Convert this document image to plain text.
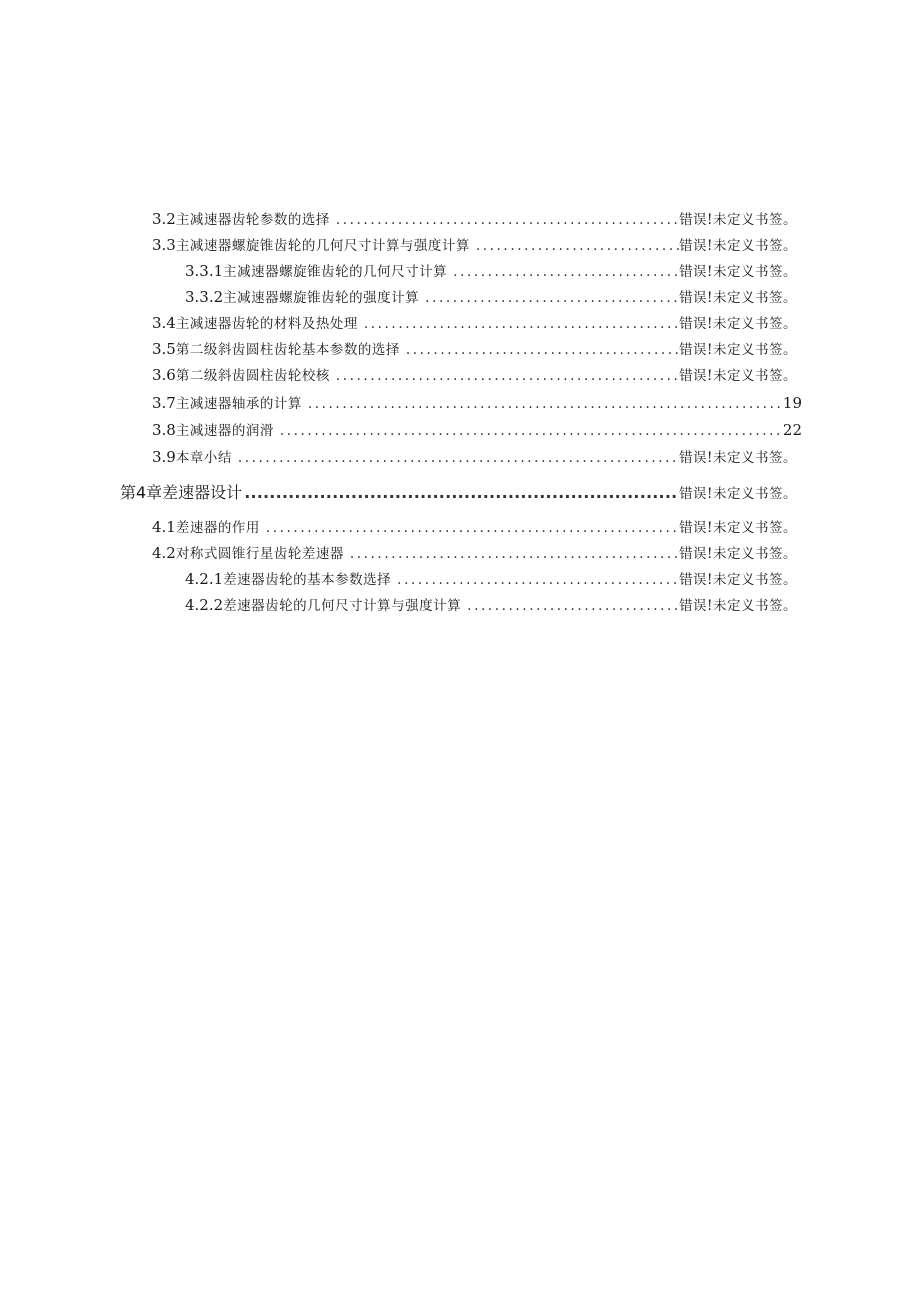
3.2 主减速器齿轮参数的选择 .....	错误!未定义书签。
3.3 主减速器螺旋锥齿轮的几何尺寸计算与强度计算 .....	错误!未定义书签。
3.3.1 主减速器螺旋锥齿轮的几何尺寸计算 .....	错误!未定义书签。
3.3.2 主减速器螺旋锥齿轮的强度计算 .....	错误!未定义书签。
3.4 主减速器齿轮的材料及热处理 .....	错误!未定义书签。
3.5 第二级斜齿圆柱齿轮基本参数的选择 .....	错误!未定义书签。
3.6 第二级斜齿圆柱齿轮校核 .....	错误!未定义书签。
3.7 主减速器轴承的计算 .....	19
3.8 主减速器的润滑 .....	22
3.9 本章小结 .....	错误!未定义书签。
第4章差速器设计 .....	错误!未定义书签。
4.1 差速器的作用 .....	错误!未定义书签。
4.2 对称式圆锥行星齿轮差速器 .....	错误!未定义书签。
4.2.1 差速器齿轮的基本参数选择 .....	错误!未定义书签。
4.2.2 差速器齿轮的几何尺寸计算与强度计算 .....	错误!未定义书签。
